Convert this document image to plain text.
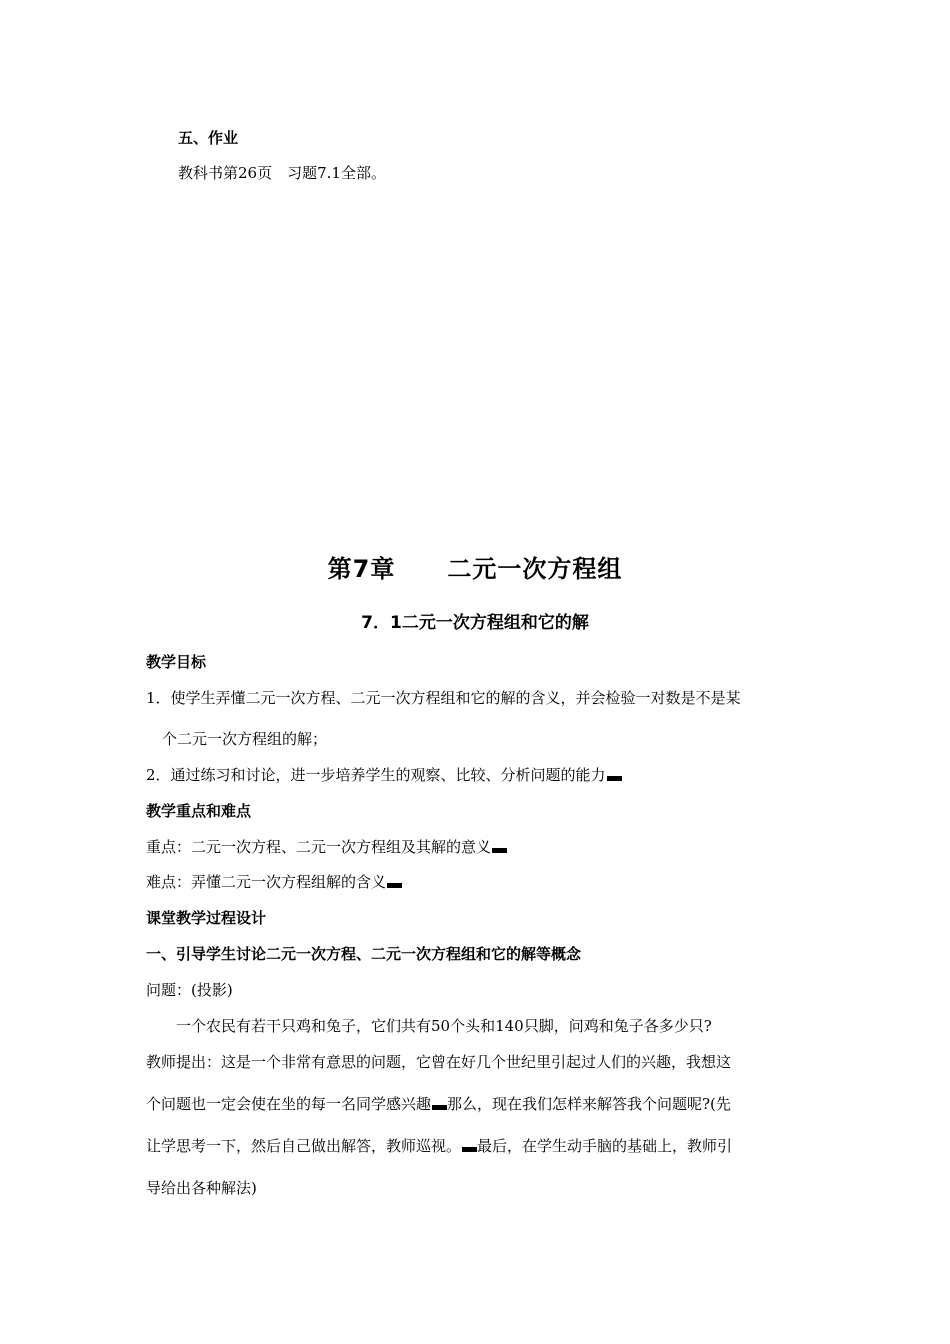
五、作业
教科书第26页　习题7.1全部。
第7章 二元一次方程组
7．1二元一次方程组和它的解
教学目标
1．使学生弄懂二元一次方程、二元一次方程组和它的解的含义，并会检验一对数是不是某
个二元一次方程组的解；
2．通过练习和讨论，进一步培养学生的观察、比较、分析问题的能力
教学重点和难点
重点：二元一次方程、二元一次方程组及其解的意义
难点：弄懂二元一次方程组解的含义
课堂教学过程设计
一、引导学生讨论二元一次方程、二元一次方程组和它的解等概念
问题：(投影)
一个农民有若干只鸡和兔子，它们共有50个头和140只脚，问鸡和兔子各多少只?
教师提出：这是一个非常有意思的问题，它曾在好几个世纪里引起过人们的兴趣，我想这
个问题也一定会使在坐的每一名同学感兴趣 那么，现在我们怎样来解答我个问题呢?(先
让学思考一下，然后自己做出解答，教师巡视。 最后，在学生动手脑的基础上，教师引
导给出各种解法)
